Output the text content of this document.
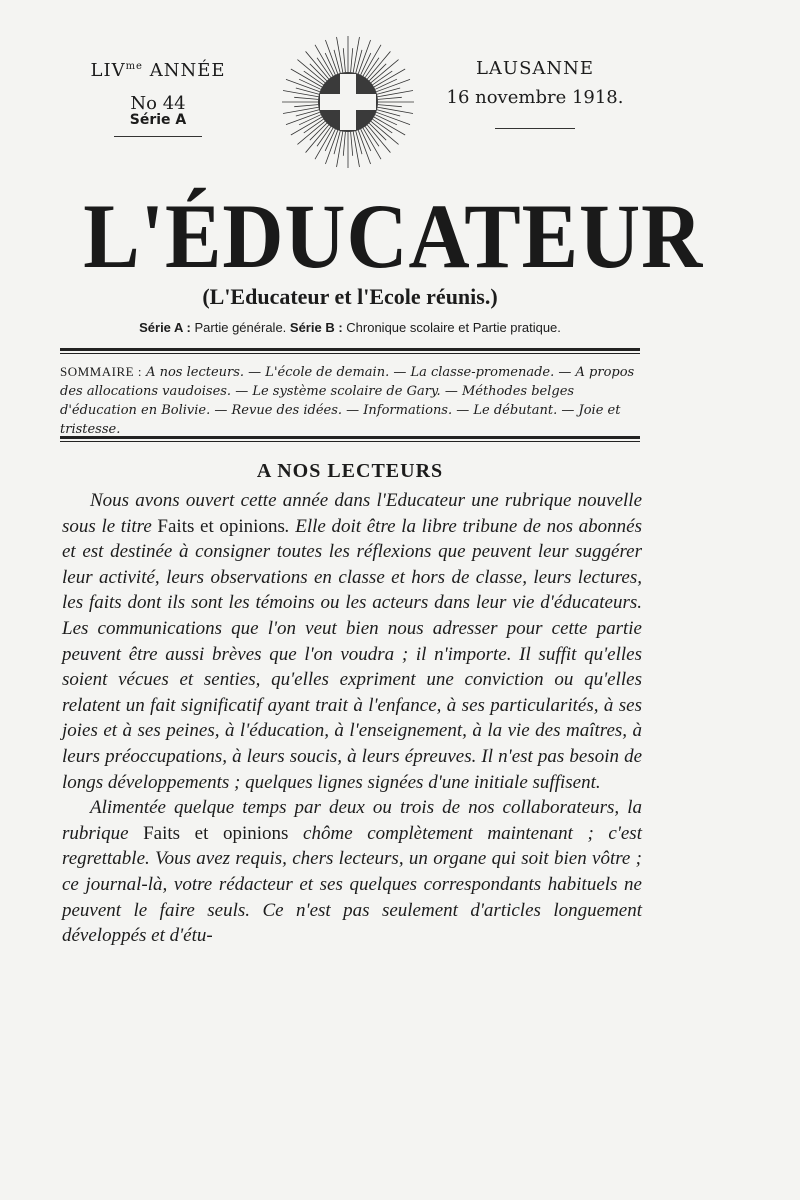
$LIV^{me}$ ANNÉE
No 44
Série A
LAUSANNE
16 novembre 1918.
L'ÉDUCATEUR
(L'Educateur et l'Ecole réunis.)
Série A : Partie générale. Série B : Chronique scolaire et Partie pratique.
SOMMAIRE : A nos lecteurs. — L'école de demain. — La classe-promenade. — A propos des allocations vaudoises. — Le système scolaire de Gary. — Méthodes belges d'éducation en Bolivie. — Revue des idées. — Informations. — Le débutant. — Joie et tristesse.
A NOS LECTEURS

Nous avons ouvert cette année dans l'Educateur une rubrique nouvelle sous le titre Faits et opinions. Elle doit être la libre tribune de nos abonnés et est destinée à consigner toutes les réflexions que peuvent leur suggérer leur activité, leurs observations en classe et hors de classe, leurs lectures, les faits dont ils sont les témoins ou les acteurs dans leur vie d'éducateurs. Les communications que l'on veut bien nous adresser pour cette partie peuvent être aussi brèves que l'on voudra ; il n'importe. Il suffit qu'elles soient vécues et senties, qu'elles expriment une conviction ou qu'elles relatent un fait significatif ayant trait à l'enfance, à ses particularités, à ses joies et à ses peines, à l'éducation, à l'enseignement, à la vie des maîtres, à leurs préoccupations, à leurs soucis, à leurs épreuves. Il n'est pas besoin de longs développements ; quelques lignes signées d'une initiale suffisent.

Alimentée quelque temps par deux ou trois de nos collaborateurs, la rubrique Faits et opinions chôme complètement maintenant ; c'est regrettable. Vous avez requis, chers lecteurs, un organe qui soit bien vôtre ; ce journal-là, votre rédacteur et ses quelques correspondants habituels ne peuvent le faire seuls. Ce n'est pas seulement d'articles longuement développés et d'étu-
